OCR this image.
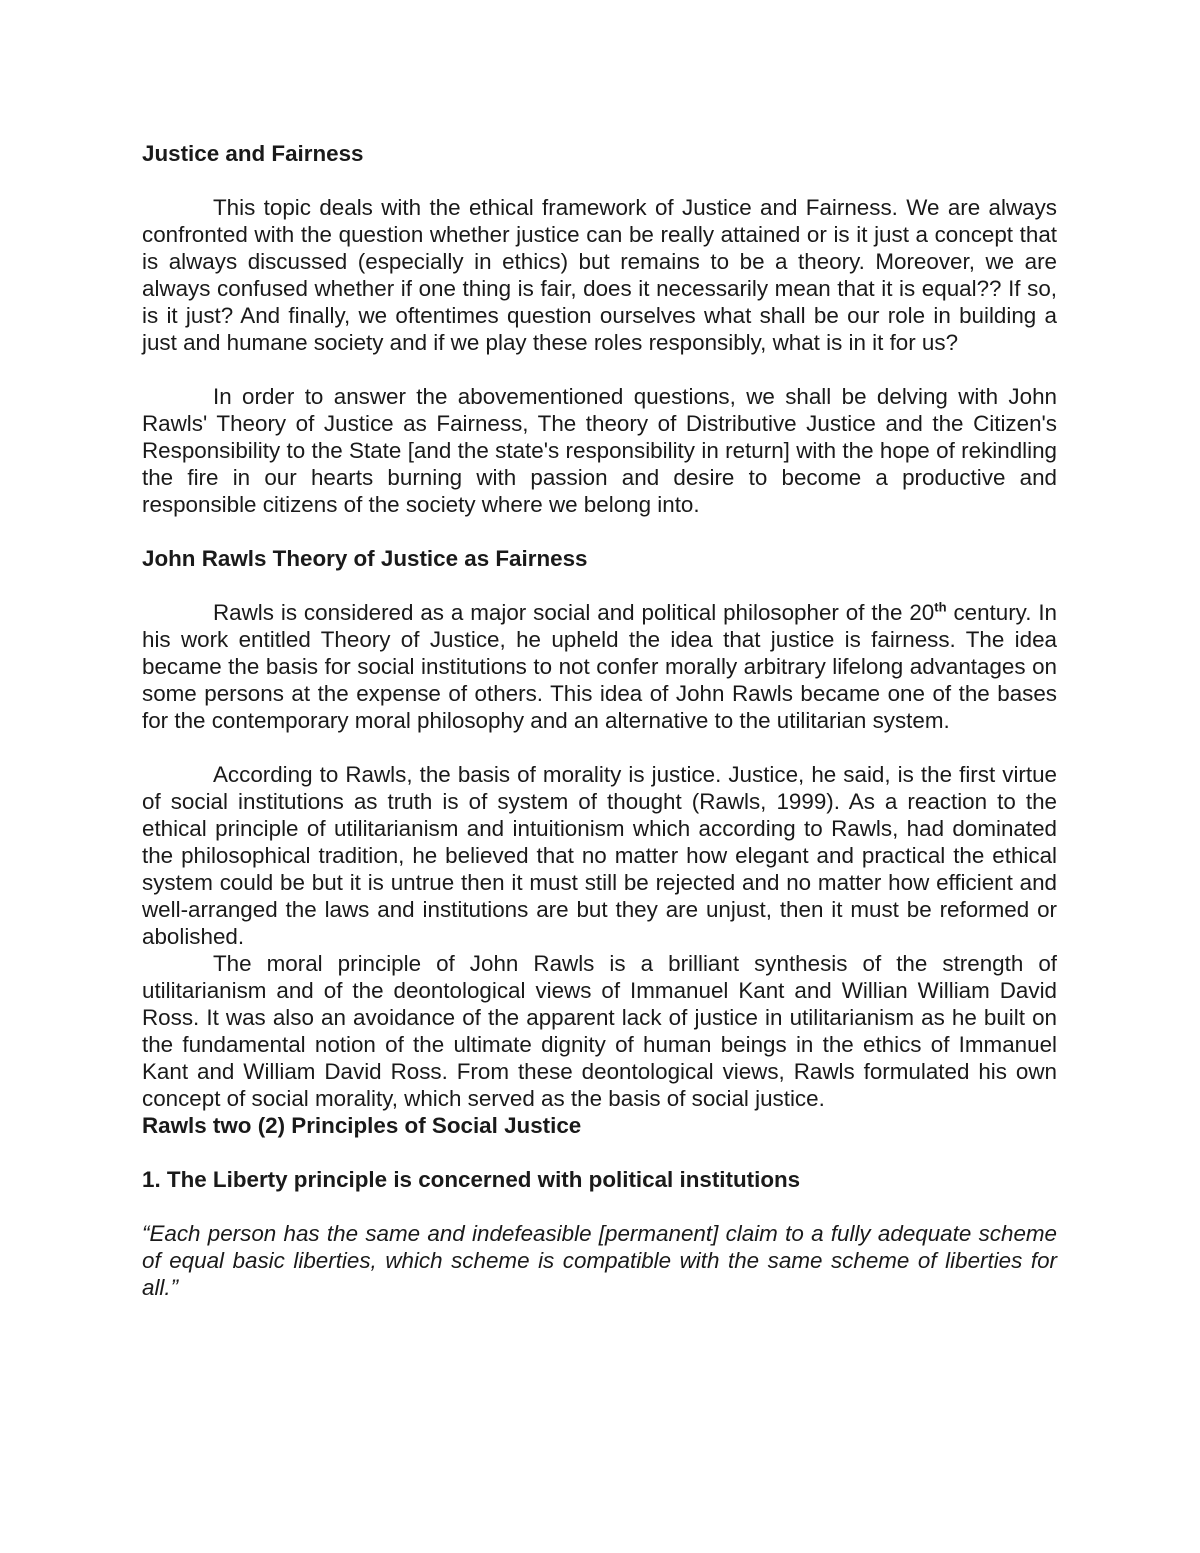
Justice and Fairness

This topic deals with the ethical framework of Justice and Fairness. We are always confronted with the question whether justice can be really attained or is it just a concept that is always discussed (especially in ethics) but remains to be a theory. Moreover, we are always confused whether if one thing is fair, does it necessarily mean that it is equal?? If so, is it just? And finally, we oftentimes question ourselves what shall be our role in building a just and humane society and if we play these roles responsibly, what is in it for us?

In order to answer the abovementioned questions, we shall be delving with John Rawls' Theory of Justice as Fairness, The theory of Distributive Justice and the Citizen's Responsibility to the State [and the state's responsibility in return] with the hope of rekindling the fire in our hearts burning with passion and desire to become a productive and responsible citizens of the society where we belong into.

John Rawls Theory of Justice as Fairness

Rawls is considered as a major social and political philosopher of the 20th century. In his work entitled Theory of Justice, he upheld the idea that justice is fairness. The idea became the basis for social institutions to not confer morally arbitrary lifelong advantages on some persons at the expense of others. This idea of John Rawls became one of the bases for the contemporary moral philosophy and an alternative to the utilitarian system.

According to Rawls, the basis of morality is justice. Justice, he said, is the first virtue of social institutions as truth is of system of thought (Rawls, 1999). As a reaction to the ethical principle of utilitarianism and intuitionism which according to Rawls, had dominated the philosophical tradition, he believed that no matter how elegant and practical the ethical system could be but it is untrue then it must still be rejected and no matter how efficient and well-arranged the laws and institutions are but they are unjust, then it must be reformed or abolished.

The moral principle of John Rawls is a brilliant synthesis of the strength of utilitarianism and of the deontological views of Immanuel Kant and Willian William David Ross. It was also an avoidance of the apparent lack of justice in utilitarianism as he built on the fundamental notion of the ultimate dignity of human beings in the ethics of Immanuel Kant and William David Ross. From these deontological views, Rawls formulated his own concept of social morality, which served as the basis of social justice.

Rawls two (2) Principles of Social Justice
1. The Liberty principle is concerned with political institutions

“Each person has the same and indefeasible [permanent] claim to a fully adequate scheme of equal basic liberties, which scheme is compatible with the same scheme of liberties for all.”
